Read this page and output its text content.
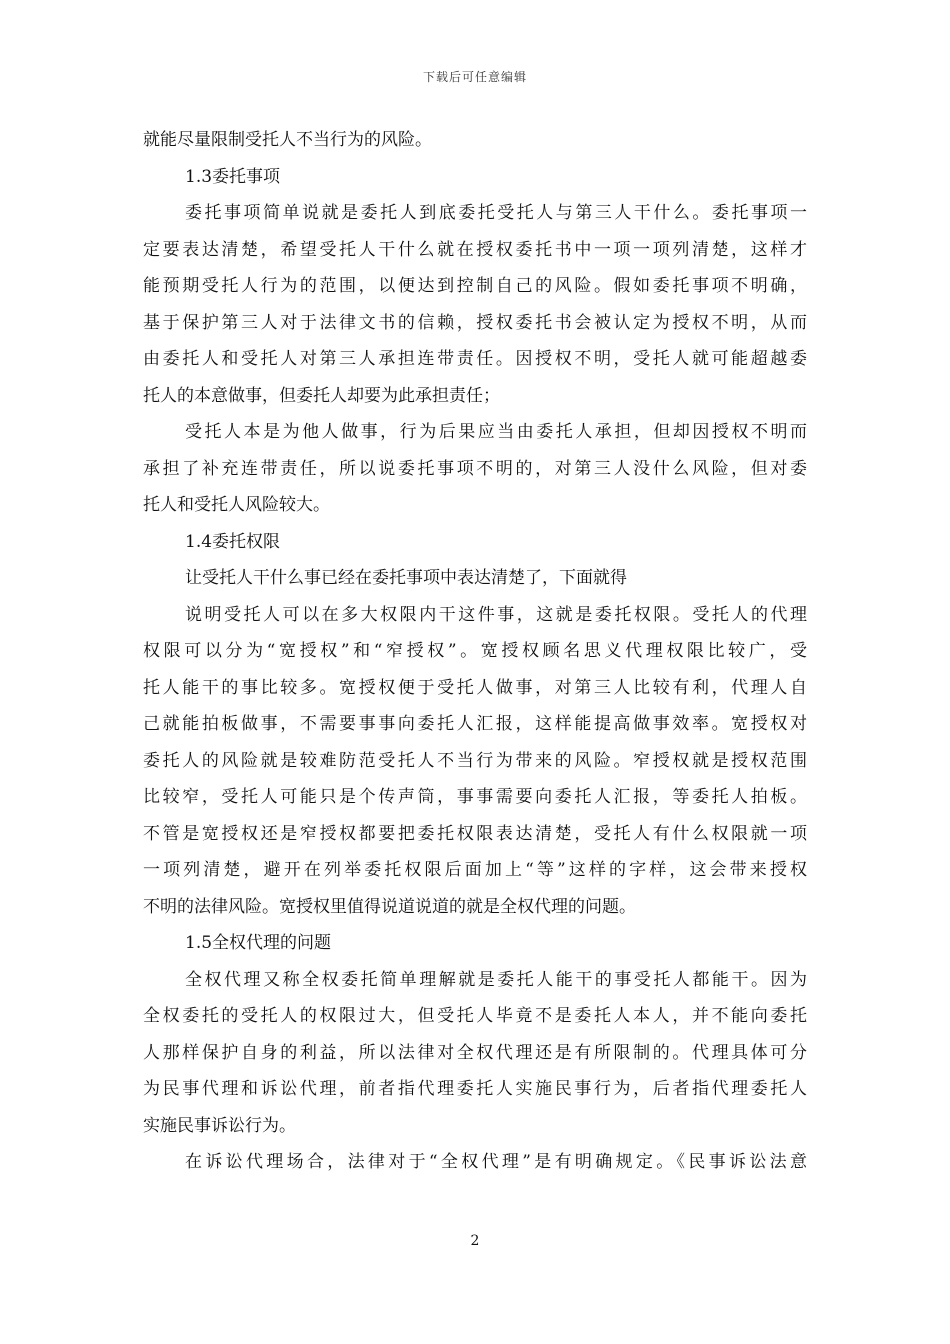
下载后可任意编辑
就能尽量限制受托人不当行为的风险。
1.3委托事项
委托事项简单说就是委托人到底委托受托人与第三人干什么。委托事项一
定要表达清楚，希望受托人干什么就在授权委托书中一项一项列清楚，这样才
能预期受托人行为的范围，以便达到控制自己的风险。假如委托事项不明确，
基于保护第三人对于法律文书的信赖，授权委托书会被认定为授权不明，从而
由委托人和受托人对第三人承担连带责任。因授权不明，受托人就可能超越委
托人的本意做事，但委托人却要为此承担责任；
受托人本是为他人做事，行为后果应当由委托人承担，但却因授权不明而
承担了补充连带责任，所以说委托事项不明的，对第三人没什么风险，但对委
托人和受托人风险较大。
1.4委托权限
让受托人干什么事已经在委托事项中表达清楚了，下面就得
说明受托人可以在多大权限内干这件事，这就是委托权限。受托人的代理
权限可以分为“宽授权”和“窄授权”。宽授权顾名思义代理权限比较广，受
托人能干的事比较多。宽授权便于受托人做事，对第三人比较有利，代理人自
己就能拍板做事，不需要事事向委托人汇报，这样能提高做事效率。宽授权对
委托人的风险就是较难防范受托人不当行为带来的风险。窄授权就是授权范围
比较窄，受托人可能只是个传声筒，事事需要向委托人汇报，等委托人拍板。
不管是宽授权还是窄授权都要把委托权限表达清楚，受托人有什么权限就一项
一项列清楚，避开在列举委托权限后面加上“等”这样的字样，这会带来授权
不明的法律风险。宽授权里值得说道说道的就是全权代理的问题。
1.5全权代理的问题
全权代理又称全权委托简单理解就是委托人能干的事受托人都能干。因为
全权委托的受托人的权限过大，但受托人毕竟不是委托人本人，并不能向委托
人那样保护自身的利益，所以法律对全权代理还是有所限制的。代理具体可分
为民事代理和诉讼代理，前者指代理委托人实施民事行为，后者指代理委托人
实施民事诉讼行为。
在诉讼代理场合，法律对于“全权代理”是有明确规定。《民事诉讼法意
2
